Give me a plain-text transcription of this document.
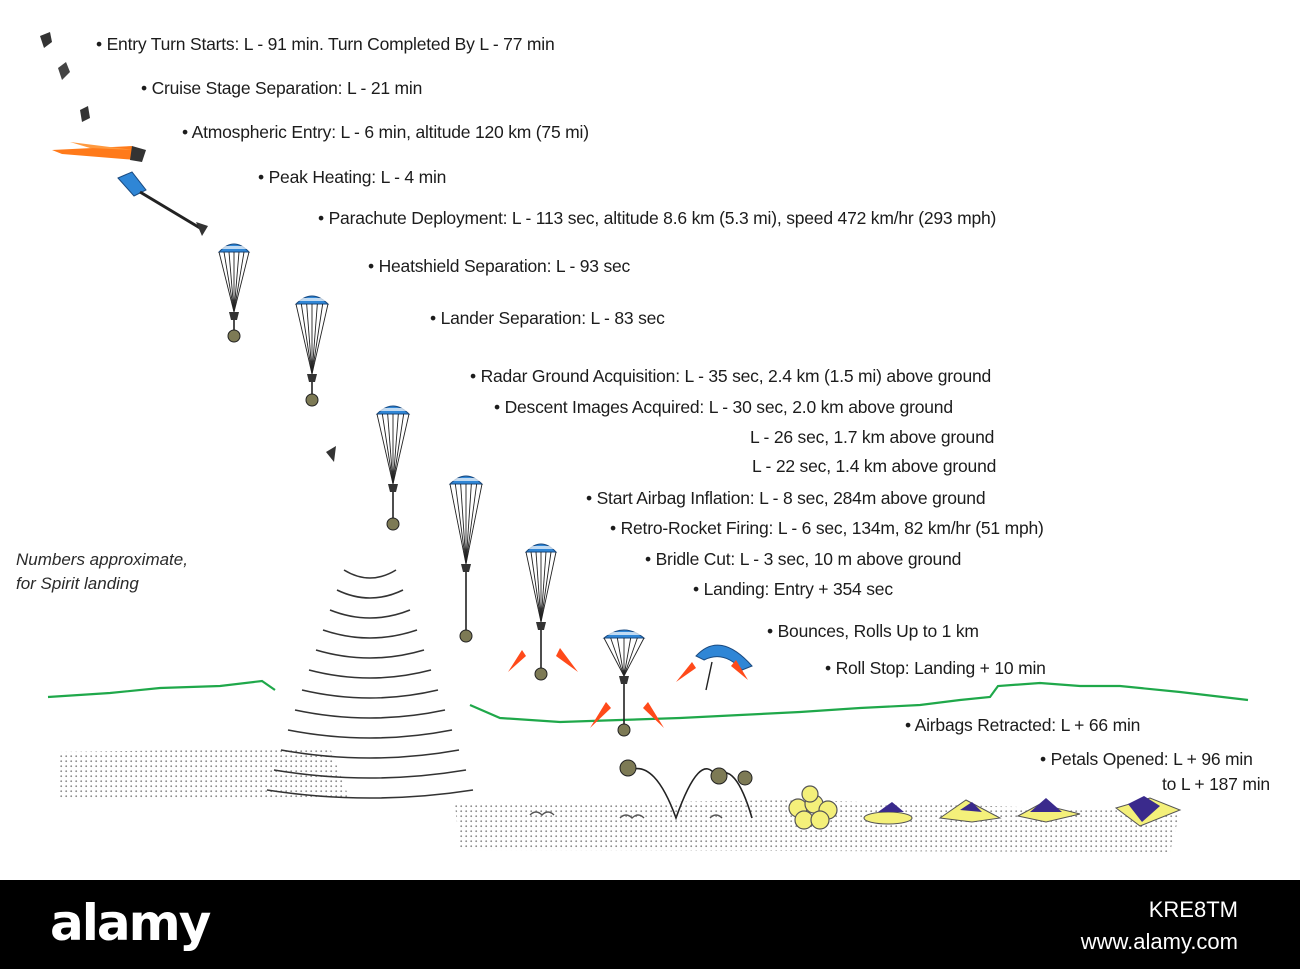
• Entry Turn Starts: L - 91 min. Turn Completed By L - 77 min
• Cruise Stage Separation: L - 21 min
• Atmospheric Entry: L - 6 min, altitude 120 km (75 mi)
• Peak Heating: L - 4 min
• Parachute Deployment: L - 113 sec, altitude 8.6 km (5.3 mi), speed 472 km/hr (293 mph)
• Heatshield Separation: L - 93 sec
• Lander Separation: L - 83 sec
• Radar Ground Acquisition: L - 35 sec, 2.4 km (1.5 mi) above ground
• Descent Images Acquired: L - 30 sec, 2.0 km above ground
L - 26 sec, 1.7 km above ground
L - 22 sec, 1.4 km above ground
• Start Airbag Inflation: L - 8 sec, 284m above ground
• Retro-Rocket Firing: L - 6 sec, 134m, 82 km/hr (51 mph)
• Bridle Cut: L - 3 sec, 10 m above ground
• Landing: Entry + 354 sec
• Bounces, Rolls Up to 1 km
• Roll Stop: Landing + 10 min
• Airbags Retracted: L + 66 min
• Petals Opened: L + 96 min
to L + 187 min
Numbers approximate,
for Spirit landing
alamy	KRE8TM
www.alamy.com
